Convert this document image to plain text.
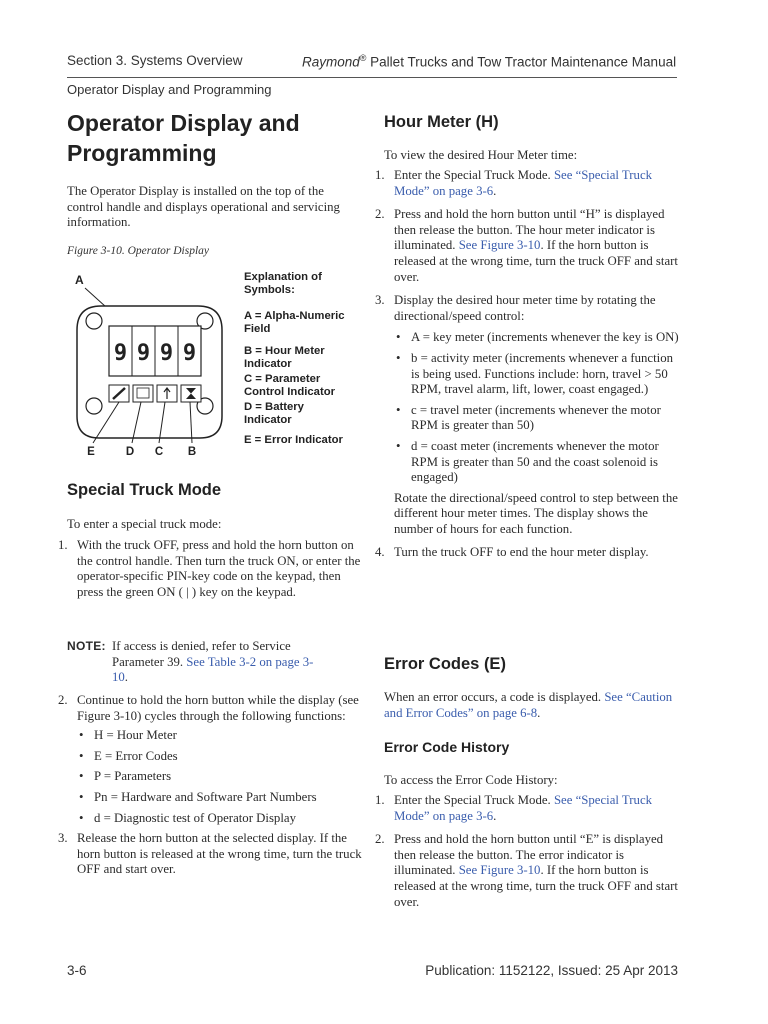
Section 3. Systems Overview	Raymond® Pallet Trucks and Tow Tractor Maintenance Manual
Operator Display and Programming
Operator Display and
Programming

The Operator Display is installed on the top of the control handle and displays operational and servicing information.

Figure 3-10. Operator Display
A
9 9 9 9
E	D C B
Explanation of
Symbols:
A = Alpha-Numeric
Field
B = Hour Meter
Indicator
C = Parameter
Control Indicator
D = Battery
Indicator
E = Error Indicator
Special Truck Mode

To enter a special truck mode:

1. With the truck OFF, press and hold the horn button on the control handle. Then turn the truck ON, or enter the operator-specific PIN-key code on the keypad, then press the green ON ( | ) key on the keypad.
NOTE: If access is denied, refer to Service Parameter 39. See Table 3-2 on page 3-10.
2. Continue to hold the horn button while the display (see Figure 3-10) cycles through the following functions:
• H = Hour Meter
• E = Error Codes
• P = Parameters
• Pn = Hardware and Software Part Numbers
• d = Diagnostic test of Operator Display
3. Release the horn button at the selected display. If the horn button is released at the wrong time, turn the truck OFF and start over.
Hour Meter (H)

To view the desired Hour Meter time:

1. Enter the Special Truck Mode. See “Special Truck Mode” on page 3-6.
2. Press and hold the horn button until “H” is displayed then release the button. The hour meter indicator is illuminated. See Figure 3-10. If the horn button is released at the wrong time, turn the truck OFF and start over.
3. Display the desired hour meter time by rotating the directional/speed control:
• A = key meter (increments whenever the key is ON)
• b = activity meter (increments whenever a function is being used. Functions include: horn, travel > 50 RPM, travel alarm, lift, lower, coast engaged.)
• c = travel meter (increments whenever the motor RPM is greater than 50)
• d = coast meter (increments whenever the motor RPM is greater than 50 and the coast solenoid is engaged)
Rotate the directional/speed control to step between the different hour meter times. The display shows the number of hours for each function.
4. Turn the truck OFF to end the hour meter display.
Error Codes (E)

When an error occurs, a code is displayed. See “Caution and Error Codes” on page 6-8.

Error Code History

To access the Error Code History:

1. Enter the Special Truck Mode. See “Special Truck Mode” on page 3-6.
2. Press and hold the horn button until “E” is displayed then release the button. The error indicator is illuminated. See Figure 3-10. If the horn button is released at the wrong time, turn the truck OFF and start over.
3-6	Publication: 1152122, Issued: 25 Apr 2013
